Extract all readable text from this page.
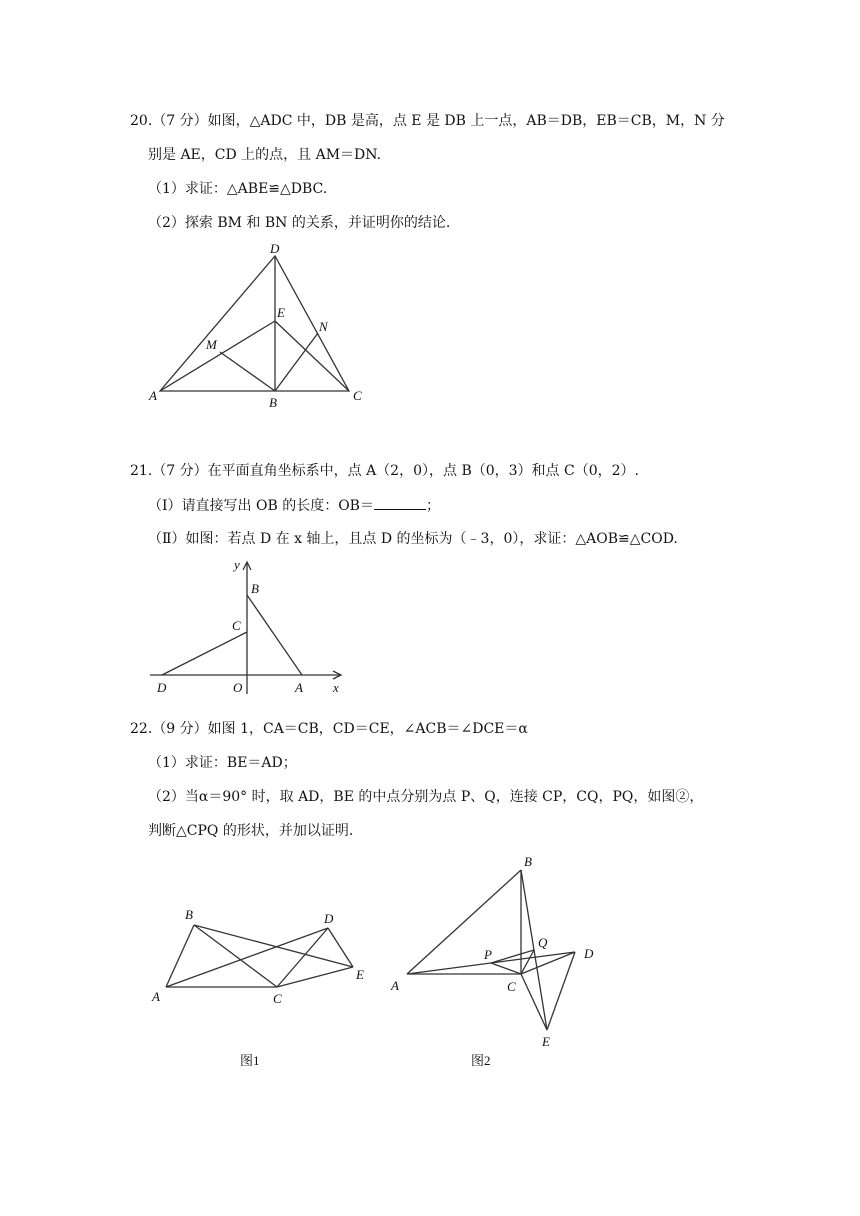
20.（7 分）如图，△ADC 中，DB 是高，点 E 是 DB 上一点，AB＝DB，EB＝CB，M，N 分
别是 AE，CD 上的点，且 AM＝DN.
（1）求证：△ABE≌△DBC.
（2）探索 BM 和 BN 的关系，并证明你的结论.
D
E
N
M
A	B	C
21.（7 分）在平面直角坐标系中，点 A（2，0），点 B（0，3）和点 C（0，2）.
（Ⅰ）请直接写出 OB 的长度：OB＝	；
（Ⅱ）如图：若点 D 在 x 轴上，且点 D 的坐标为（﹣3，0），求证：△AOB≌△COD.
y
x
B
C
D	O	A
22.（9 分）如图 1，CA＝CB，CD＝CE，∠ACB＝∠DCE＝α
（1）求证：BE＝AD；
（2）当α＝90° 时，取 AD，BE 的中点分别为点 P、Q，连接 CP，CQ，PQ，如图②，
判断△CPQ 的形状，并加以证明.
B
A	C
D
E
图1
B
A	C
D
E
P
Q
图2
